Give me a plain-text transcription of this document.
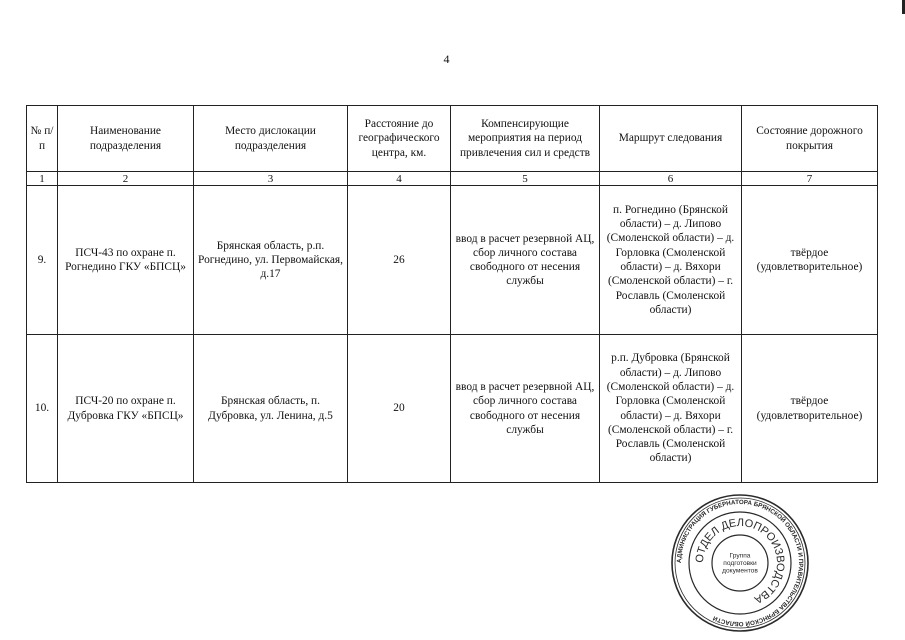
4
№ п/п	Наименование подразделения	Место дислокации подразделения	Расстояние до географического центра, км.	Компенсирующие мероприятия на период привлечения сил и средств	Маршрут следования	Состояние дорожного покрытия
1	2	3	4	5	6	7
9.	ПСЧ-43 по охране п. Рогнедино ГКУ «БПСЦ»	Брянская область, р.п. Рогнедино, ул. Первомайская, д.17	26	ввод в расчет резервной АЦ, сбор личного состава свободного от несения службы	п. Рогнедино (Брянской области) – д. Липово (Смоленской области) – д. Горловка (Смоленской области) – д. Вяхори (Смоленской области) – г. Рославль (Смоленской области)	твёрдое (удовлетворительное)
10.	ПСЧ-20 по охране п. Дубровка ГКУ «БПСЦ»	Брянская область, п. Дубровка, ул. Ленина, д.5	20	ввод в расчет резервной АЦ, сбор личного состава свободного от несения службы	р.п. Дубровка (Брянской области) – д. Липово (Смоленской области) – д. Горловка (Смоленской области) – д. Вяхори (Смоленской области) – г. Рославль (Смоленской области)	твёрдое (удовлетворительное)
АДМИНИСТРАЦИЯ ГУБЕРНАТОРА БРЯНСКОЙ ОБЛАСТИ И ПРАВИТЕЛЬСТВА БРЯНСКОЙ ОБЛАСТИ
ОТДЕЛ ДЕЛОПРОИЗВОДСТВА
Группа подготовки документов
